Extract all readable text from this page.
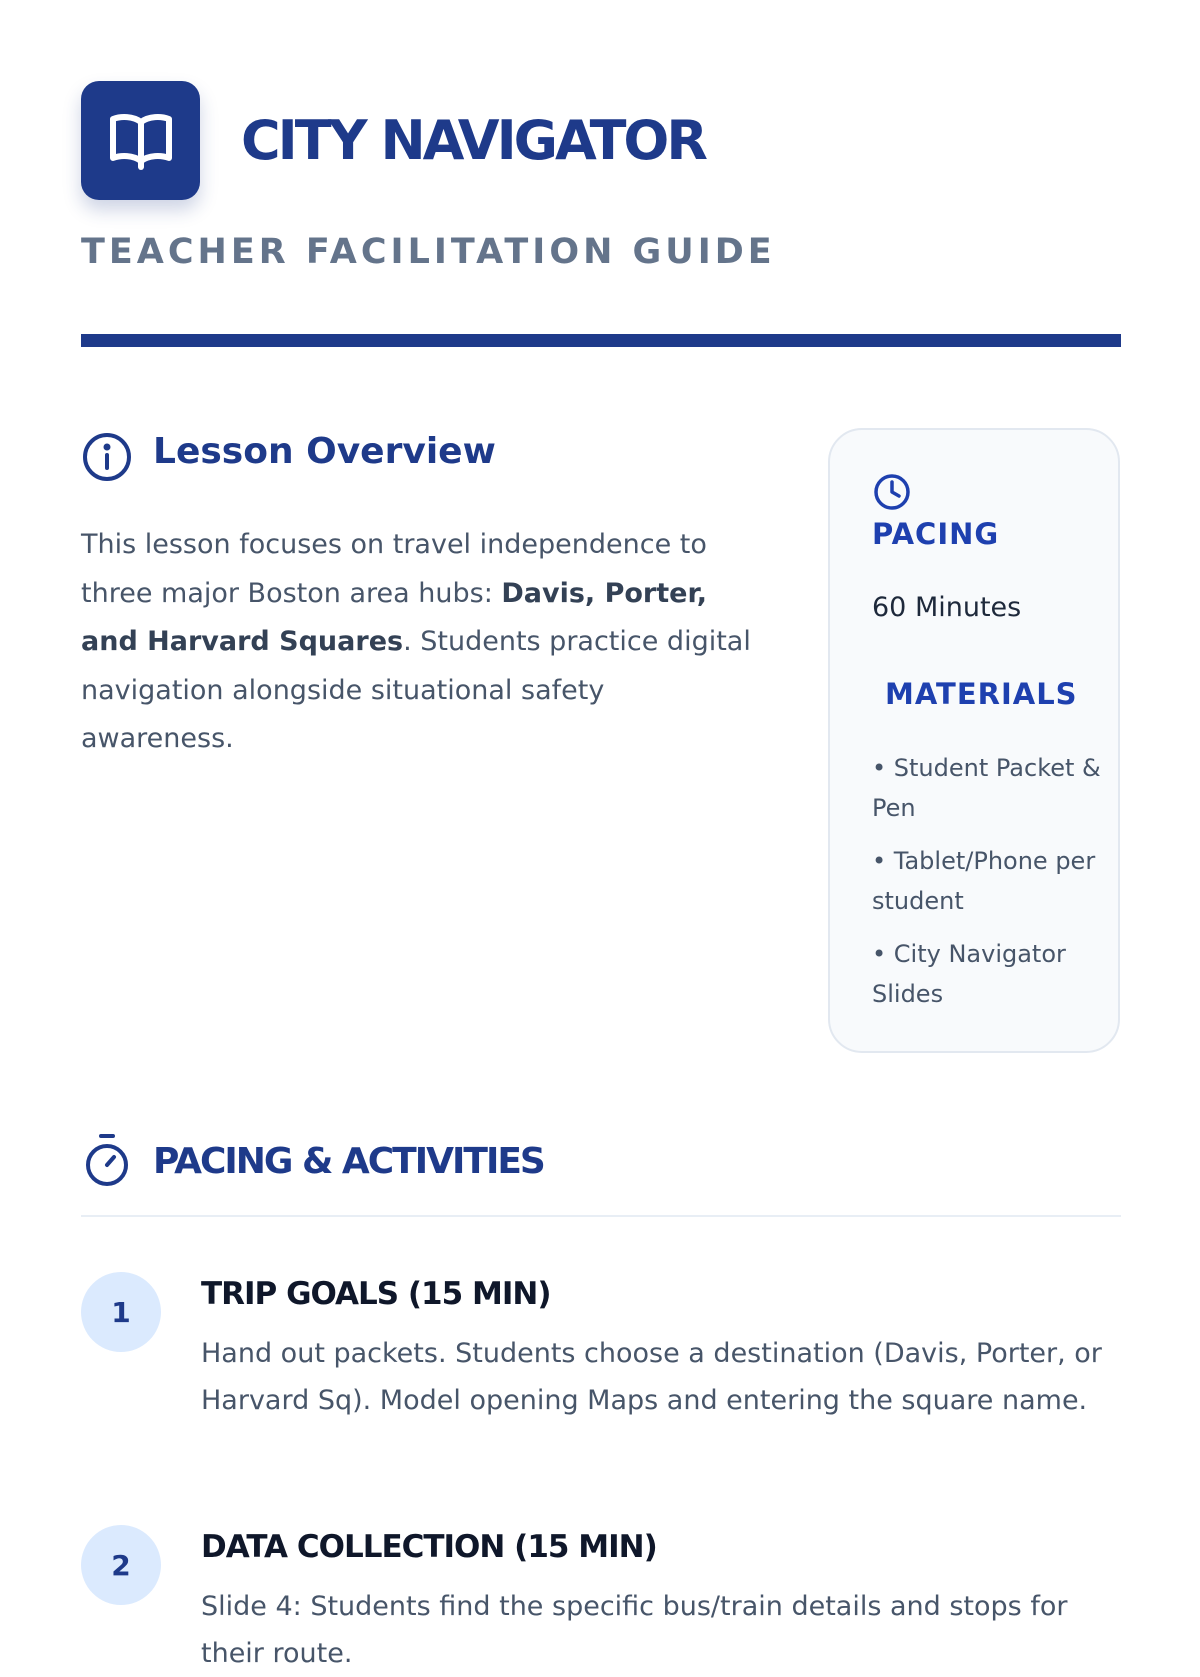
CITY NAVIGATOR
TEACHER FACILITATION GUIDE
Lesson Overview
This lesson focuses on travel independence to three major Boston area hubs: Davis, Porter, and Harvard Squares. Students practice digital navigation alongside situational safety awareness.
PACING
60 Minutes
MATERIALS
• Student Packet & Pen
• Tablet/Phone per student
• City Navigator Slides
PACING & ACTIVITIES
1	TRIP GOALS (15 MIN)
Hand out packets. Students choose a destination (Davis, Porter, or Harvard Sq). Model opening Maps and entering the square name.
2	DATA COLLECTION (15 MIN)
Slide 4: Students find the specific bus/train details and stops for their route.
